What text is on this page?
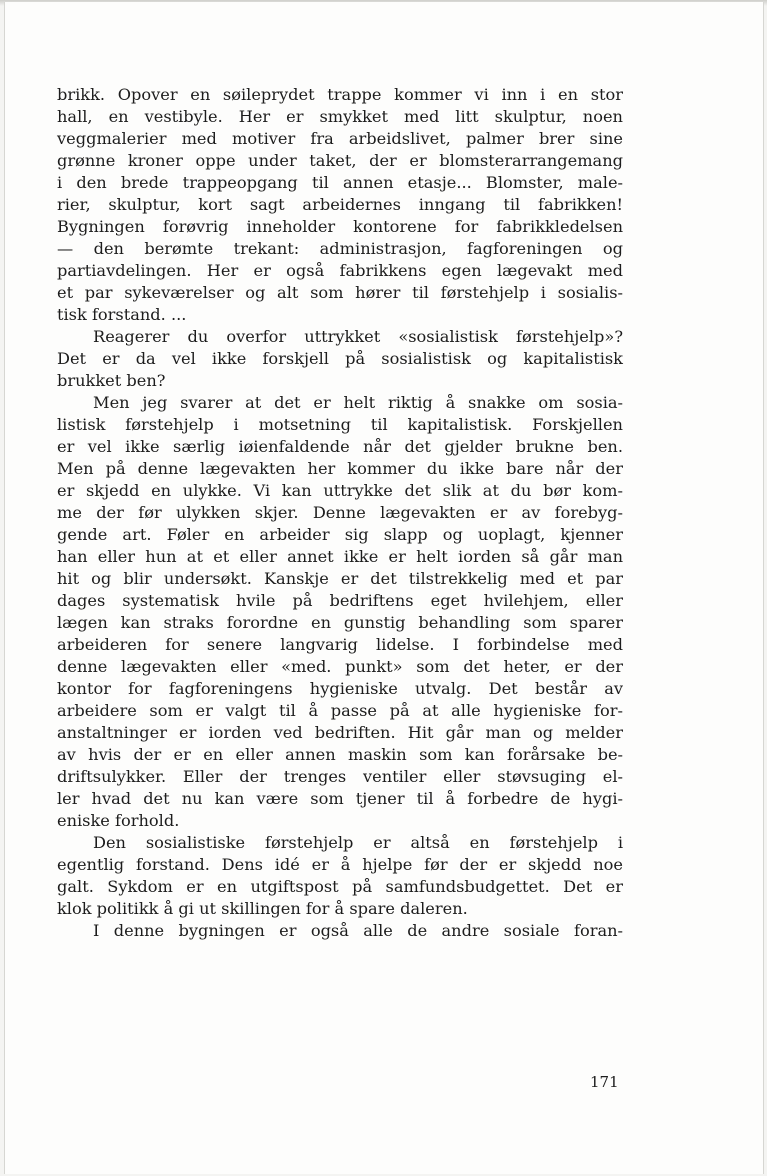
brikk. Opover en søileprydet trappe kommer vi inn i en stor
hall, en vestibyle. Her er smykket med litt skulptur, noen
veggmalerier med motiver fra arbeidslivet, palmer brer sine
grønne kroner oppe under taket, der er blomsterarrangemang
i den brede trappeopgang til annen etasje... Blomster, male-
rier, skulptur, kort sagt arbeidernes inngang til fabrikken!
Bygningen forøvrig inneholder kontorene for fabrikkledelsen
— den berømte trekant: administrasjon, fagforeningen og
partiavdelingen. Her er også fabrikkens egen lægevakt med
et par sykeværelser og alt som hører til førstehjelp i sosialis-
tisk forstand. ...
Reagerer du overfor uttrykket «sosialistisk førstehjelp»?
Det er da vel ikke forskjell på sosialistisk og kapitalistisk
brukket ben?
Men jeg svarer at det er helt riktig å snakke om sosia-
listisk førstehjelp i motsetning til kapitalistisk. Forskjellen
er vel ikke særlig iøienfaldende når det gjelder brukne ben.
Men på denne lægevakten her kommer du ikke bare når der
er skjedd en ulykke. Vi kan uttrykke det slik at du bør kom-
me der før ulykken skjer. Denne lægevakten er av forebyg-
gende art. Føler en arbeider sig slapp og uoplagt, kjenner
han eller hun at et eller annet ikke er helt iorden så går man
hit og blir undersøkt. Kanskje er det tilstrekkelig med et par
dages systematisk hvile på bedriftens eget hvilehjem, eller
lægen kan straks forordne en gunstig behandling som sparer
arbeideren for senere langvarig lidelse. I forbindelse med
denne lægevakten eller «med. punkt» som det heter, er der
kontor for fagforeningens hygieniske utvalg. Det består av
arbeidere som er valgt til å passe på at alle hygieniske for-
anstaltninger er iorden ved bedriften. Hit går man og melder
av hvis der er en eller annen maskin som kan forårsake be-
driftsulykker. Eller der trenges ventiler eller støvsuging el-
ler hvad det nu kan være som tjener til å forbedre de hygi-
eniske forhold.
Den sosialistiske førstehjelp er altså en førstehjelp i
egentlig forstand. Dens idé er å hjelpe før der er skjedd noe
galt. Sykdom er en utgiftspost på samfundsbudgettet. Det er
klok politikk å gi ut skillingen for å spare daleren.
I denne bygningen er også alle de andre sosiale foran-
171
